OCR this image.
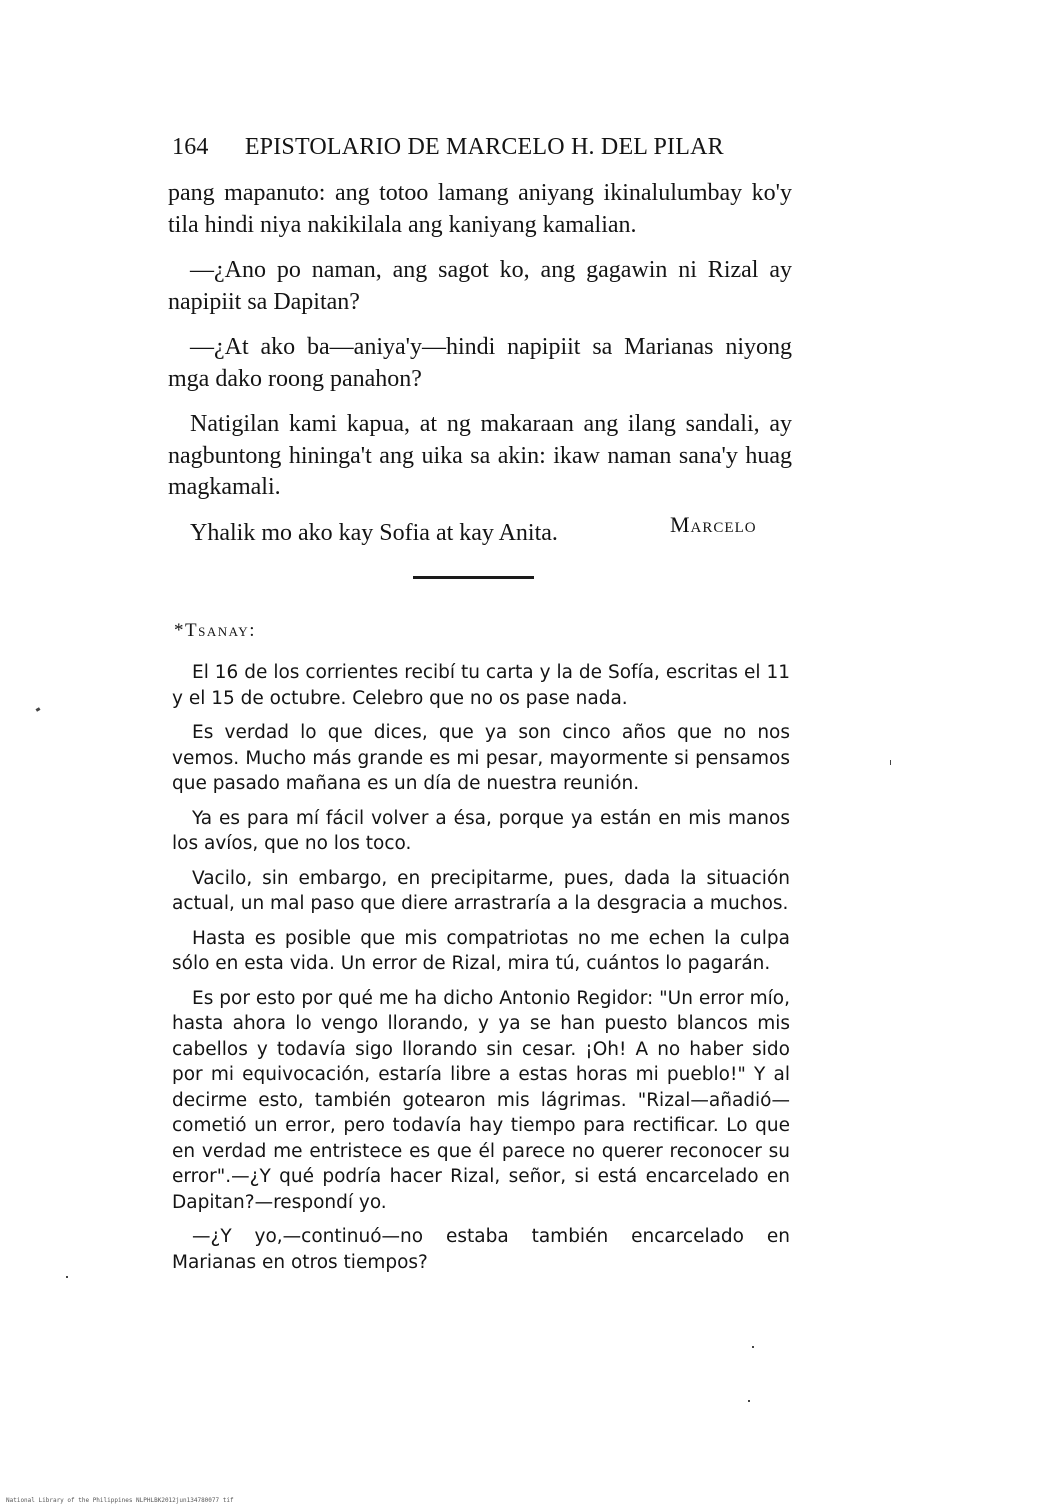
164 EPISTOLARIO DE MARCELO H. DEL PILAR

pang mapanuto: ang totoo lamang aniyang ikinalulumbay ko'y tila hindi niya nakikilala ang kaniyang kamalian.

—¿Ano po naman, ang sagot ko, ang gagawin ni Rizal ay napipiit sa Dapitan?

—¿At ako ba—aniya'y—hindi napipiit sa Marianas niyong mga dako roong panahon?

Natigilan kami kapua, at ng makaraan ang ilang sandali, ay nagbuntong hininga't ang uika sa akin: ikaw naman sana'y huag magkamali.

Yhalik mo ako kay Sofia at kay Anita.	Marcelo
*Tsanay:

El 16 de los corrientes recibí tu carta y la de Sofía, escritas el 11 y el 15 de octubre. Celebro que no os pase nada.

Es verdad lo que dices, que ya son cinco años que no nos vemos. Mucho más grande es mi pesar, mayormente si pensamos que pasado mañana es un día de nuestra reunión.

Ya es para mí fácil volver a ésa, porque ya están en mis manos los avíos, que no los toco.

Vacilo, sin embargo, en precipitarme, pues, dada la situación actual, un mal paso que diere arrastraría a la desgracia a muchos.

Hasta es posible que mis compatriotas no me echen la culpa sólo en esta vida. Un error de Rizal, mira tú, cuántos lo pagarán.

Es por esto por qué me ha dicho Antonio Regidor: "Un error mío, hasta ahora lo vengo llorando, y ya se han puesto blancos mis cabellos y todavía sigo llorando sin cesar. ¡Oh! A no haber sido por mi equivocación, estaría libre a estas horas mi pueblo!" Y al decirme esto, también gotearon mis lágrimas. "Rizal—añadió—cometió un error, pero todavía hay tiempo para rectificar. Lo que en verdad me entristece es que él parece no querer reconocer su error".—¿Y qué podría hacer Rizal, señor, si está encarcelado en Dapitan?—respondí yo.

—¿Y yo,—continuó—no estaba también encarcelado en Marianas en otros tiempos?

National Library of the Philippines NLPHLBK2012jun134780077 tif
